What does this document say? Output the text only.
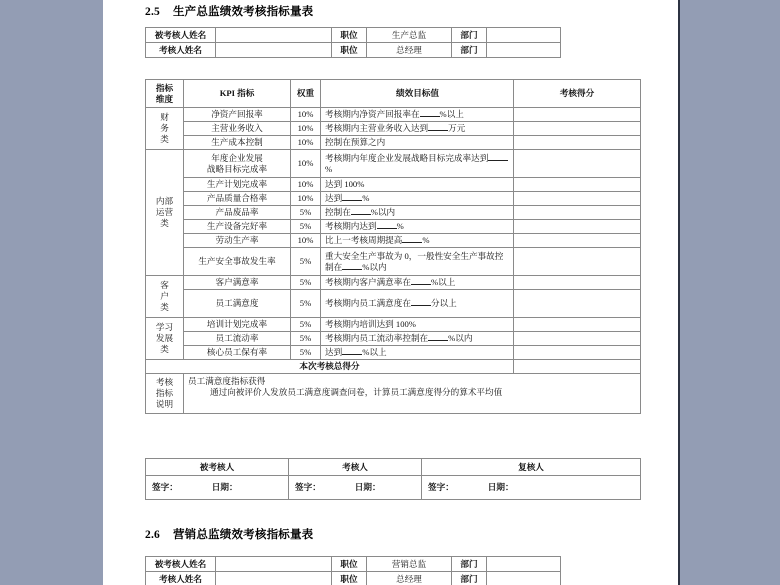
2.5 生产总监绩效考核指标量表
被考核人姓名		职位	生产总监	部门	
考核人姓名		职位	总经理	部门	
指标
维度	KPI 指标	权重	绩效目标值	考核得分
财
务
类	净资产回报率	10%	考核期内净资产回报率在 %以上	
	主营业务收入	10%	考核期内主营业务收入达到 万元	
	生产成本控制	10%	控制在预算之内	
内部
运营
类	年度企业发展
战略目标完成率	10%	考核期内年度企业发展战略目标完成率达到%	
	生产计划完成率	10%	达到 100%	
	产品质量合格率	10%	达到 %	
	产品废品率	5%	控制在 %以内	
	生产设备完好率	5%	考核期内达到 %	
	劳动生产率	10%	比上一考核周期提高 %	
	生产安全事故发生率	5%	重大安全生产事故为 0，一般性安全生产事故控制在 %以内	
客
户
类	客户满意率	5%	考核期内客户满意率在 %以上	
	员工满意度	5%	考核期内员工满意度在 分以上	
学习
发展
类	培训计划完成率	5%	考核期内培训达到 100%	
	员工流动率	5%	考核期内员工流动率控制在 %以内	
	核心员工保有率	5%	达到 %以上	
本次考核总得分				
考核
指标
说明	
员工满意度指标获得
通过向被评价人发放员工满意度调查问卷，计算员工满意度得分的算术平均值
被考核人	考核人	复核人
签字： 日期：	签字： 日期：	签字： 日期：
2.6 营销总监绩效考核指标量表
被考核人姓名		职位	营销总监	部门	
考核人姓名		职位	总经理	部门	
